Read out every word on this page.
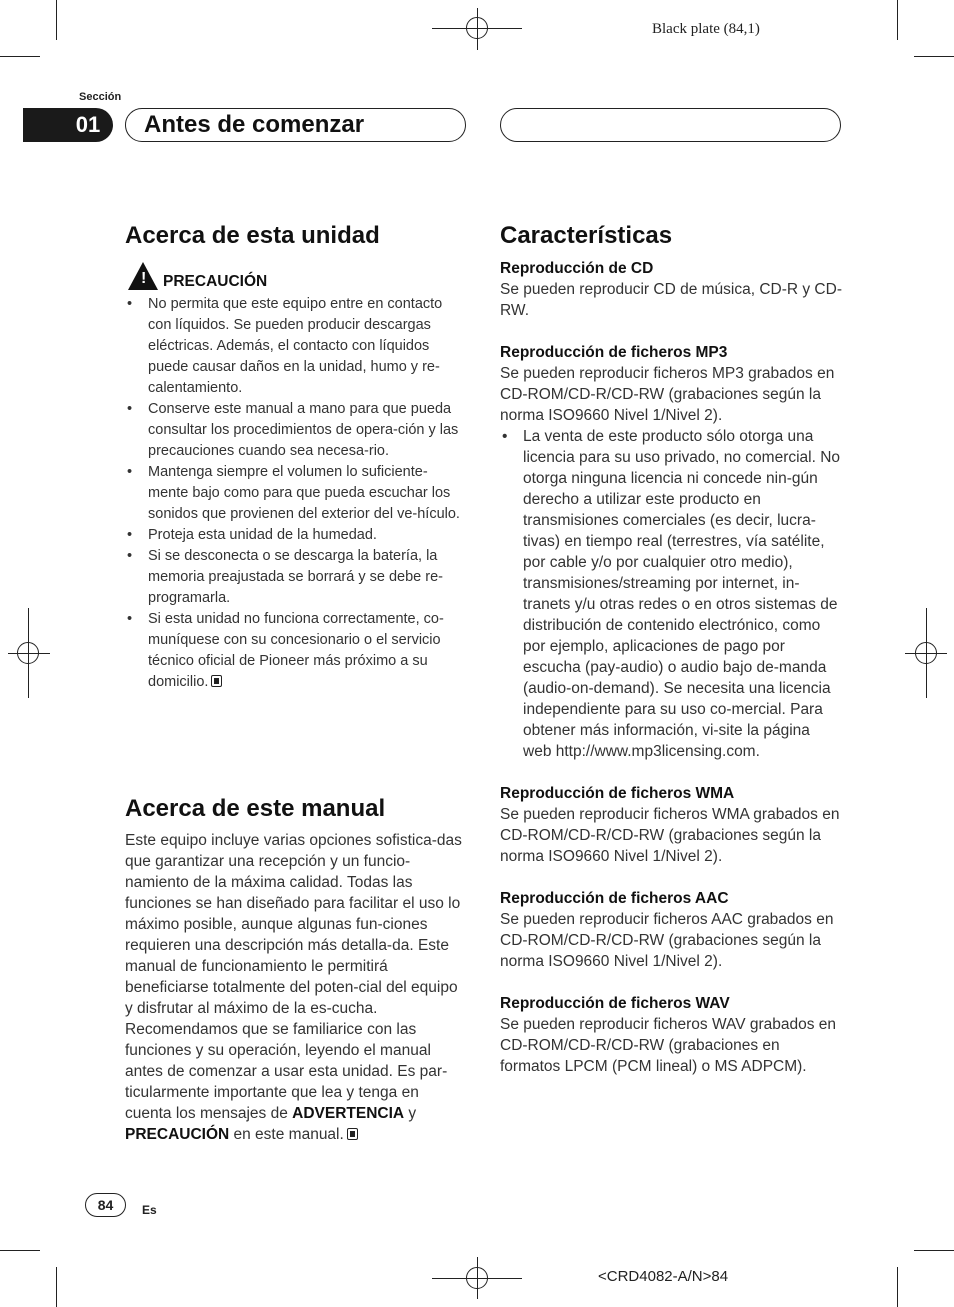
Black plate (84,1)
Sección
01	Antes de comenzar
Acerca de esta unidad
! PRECAUCIÓN
• No permita que este equipo entre en contacto con líquidos. Se pueden producir descargas eléctricas. Además, el contacto con líquidos puede causar daños en la unidad, humo y re-calentamiento.
• Conserve este manual a mano para que pueda consultar los procedimientos de opera-ción y las precauciones cuando sea necesa-rio.
• Mantenga siempre el volumen lo suficiente-mente bajo como para que pueda escuchar los sonidos que provienen del exterior del ve-hículo.
• Proteja esta unidad de la humedad.
• Si se desconecta o se descarga la batería, la memoria preajustada se borrará y se debe re-programarla.
• Si esta unidad no funciona correctamente, co-muníquese con su concesionario o el servicio técnico oficial de Pioneer más próximo a su domicilio.
Acerca de este manual

Este equipo incluye varias opciones sofistica-das que garantizar una recepción y un funcio-namiento de la máxima calidad. Todas las funciones se han diseñado para facilitar el uso lo máximo posible, aunque algunas fun-ciones requieren una descripción más detalla-da. Este manual de funcionamiento le permitirá beneficiarse totalmente del poten-cial del equipo y disfrutar al máximo de la es-cucha.

Recomendamos que se familiarice con las funciones y su operación, leyendo el manual antes de comenzar a usar esta unidad. Es par-ticularmente importante que lea y tenga en cuenta los mensajes de ADVERTENCIA y PRECAUCIÓN en este manual.

Características

Reproducción de CD

Se pueden reproducir CD de música, CD-R y CD-RW.

Reproducción de ficheros MP3

Se pueden reproducir ficheros MP3 grabados en CD-ROM/CD-R/CD-RW (grabaciones según la norma ISO9660 Nivel 1/Nivel 2).

• La venta de este producto sólo otorga una licencia para su uso privado, no comercial. No otorga ninguna licencia ni concede nin-gún derecho a utilizar este producto en transmisiones comerciales (es decir, lucra-tivas) en tiempo real (terrestres, vía satélite, por cable y/o por cualquier otro medio), transmisiones/streaming por internet, in-tranets y/u otras redes o en otros sistemas de distribución de contenido electrónico, como por ejemplo, aplicaciones de pago por escucha (pay-audio) o audio bajo de-manda (audio-on-demand). Se necesita una licencia independiente para su uso co-mercial. Para obtener más información, vi-site la página web http://www.mp3licensing.com.

Reproducción de ficheros WMA

Se pueden reproducir ficheros WMA grabados en CD-ROM/CD-R/CD-RW (grabaciones según la norma ISO9660 Nivel 1/Nivel 2).

Reproducción de ficheros AAC

Se pueden reproducir ficheros AAC grabados en CD-ROM/CD-R/CD-RW (grabaciones según la norma ISO9660 Nivel 1/Nivel 2).

Reproducción de ficheros WAV

Se pueden reproducir ficheros WAV grabados en CD-ROM/CD-R/CD-RW (grabaciones en formatos LPCM (PCM lineal) o MS ADPCM).

84	Es
<CRD4082-A/N>84
